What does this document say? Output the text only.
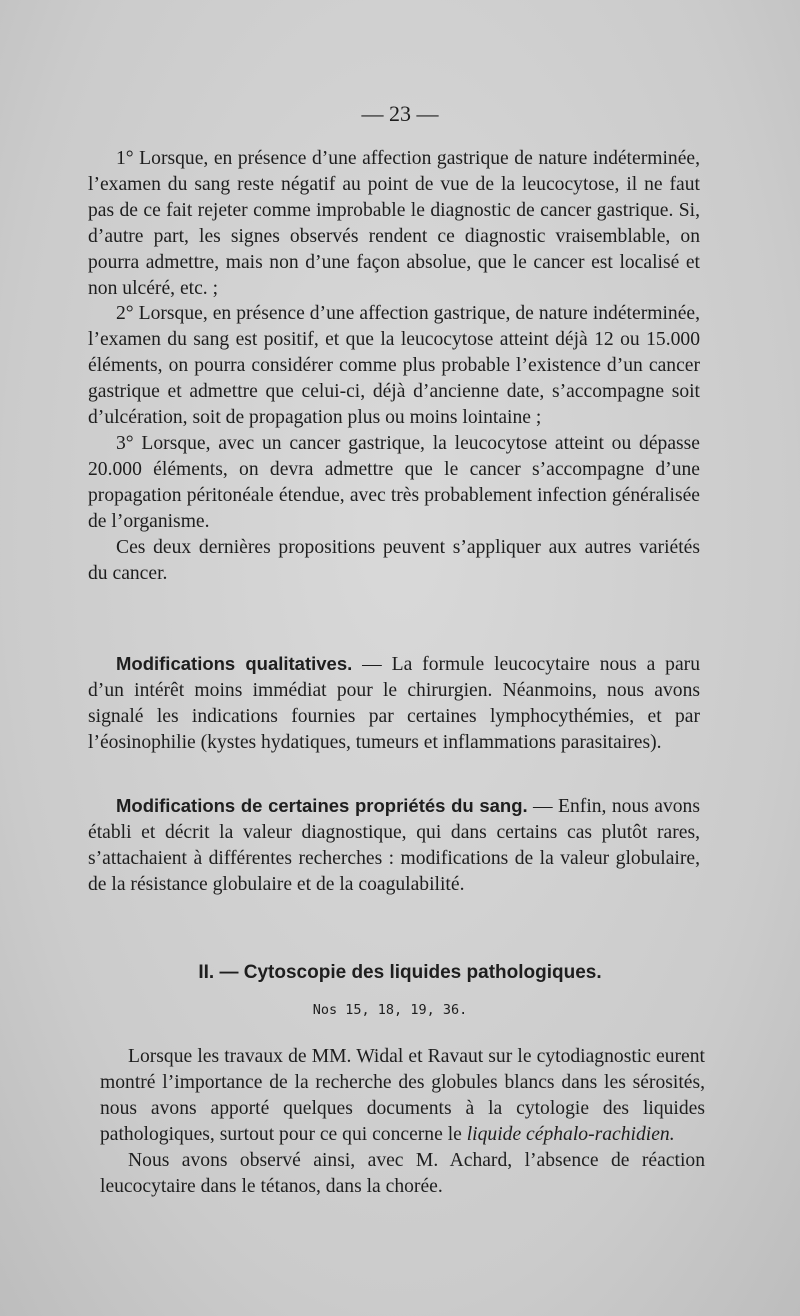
— 23 —

1° Lorsque, en présence d’une affection gastrique de nature indéterminée, l’examen du sang reste négatif au point de vue de la leucocytose, il ne faut pas de ce fait rejeter comme improbable le diagnostic de cancer gastrique. Si, d’autre part, les signes observés rendent ce diagnostic vraisemblable, on pourra admettre, mais non d’une façon absolue, que le cancer est localisé et non ulcéré, etc. ;

2° Lorsque, en présence d’une affection gastrique, de nature indéterminée, l’examen du sang est positif, et que la leucocytose atteint déjà 12 ou 15.000 éléments, on pourra considérer comme plus probable l’existence d’un cancer gastrique et admettre que celui-ci, déjà d’ancienne date, s’accompagne soit d’ulcération, soit de propagation plus ou moins lointaine ;

3° Lorsque, avec un cancer gastrique, la leucocytose atteint ou dépasse 20.000 éléments, on devra admettre que le cancer s’accompagne d’une propagation péritonéale étendue, avec très probablement infection généralisée de l’organisme.

Ces deux dernières propositions peuvent s’appliquer aux autres variétés du cancer.

Modifications qualitatives. — La formule leucocytaire nous a paru d’un intérêt moins immédiat pour le chirurgien. Néanmoins, nous avons signalé les indications fournies par certaines lymphocythémies, et par l’éosinophilie (kystes hydatiques, tumeurs et inflammations parasitaires).

Modifications de certaines propriétés du sang. — Enfin, nous avons établi et décrit la valeur diagnostique, qui dans certains cas plutôt rares, s’attachaient à différentes recherches : modifications de la valeur globulaire, de la résistance globulaire et de la coagulabilité.

II. — Cytoscopie des liquides pathologiques.
Nos 15, 18, 19, 36.

Lorsque les travaux de MM. Widal et Ravaut sur le cytodiagnostic eurent montré l’importance de la recherche des globules blancs dans les sérosités, nous avons apporté quelques documents à la cytologie des liquides pathologiques, surtout pour ce qui concerne le liquide céphalo-rachidien.

Nous avons observé ainsi, avec M. Achard, l’absence de réaction leucocytaire dans le tétanos, dans la chorée.
